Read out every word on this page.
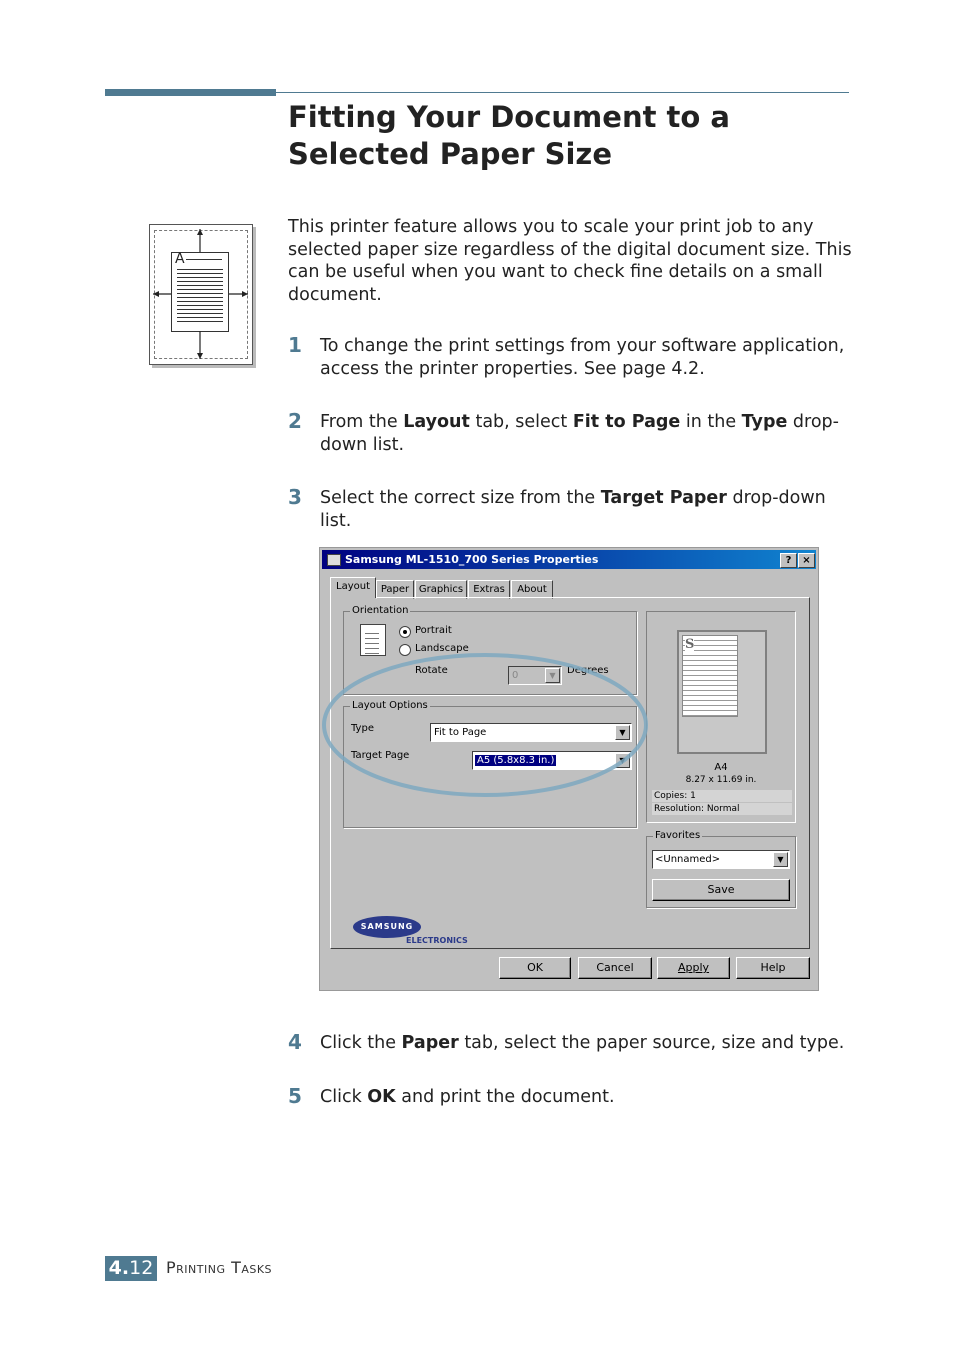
Fitting Your Document to a Selected Paper Size
A
This printer feature allows you to scale your print job to any selected paper size regardless of the digital document size. This can be useful when you want to check fine details on a small document.
1 To change the print settings from your software application, access the printer properties. See page 4.2.
2 From the Layout tab, select Fit to Page in the Type drop-down list.
3 Select the correct size from the Target Paper drop-down list.
Samsung ML-1510_700 Series Properties	?	×
Layout	Paper Graphics	Extras	About
Orientation
Portrait
Landscape
Rotate	0	▼	Degrees
Layout Options
Type	Fit to Page	▼
Target Page	A5 (5.8x8.3 in.)	▼
S
A4
8.27 x 11.69 in.
Copies: 1
Resolution: Normal
Favorites
<Unnamed>	▼
Save
SAMSUNG
ELECTRONICS
OK	Cancel	Apply	Help
4 Click the Paper tab, select the paper source, size and type.
5 Click OK and print the document.
4.12 Printing Tasks
